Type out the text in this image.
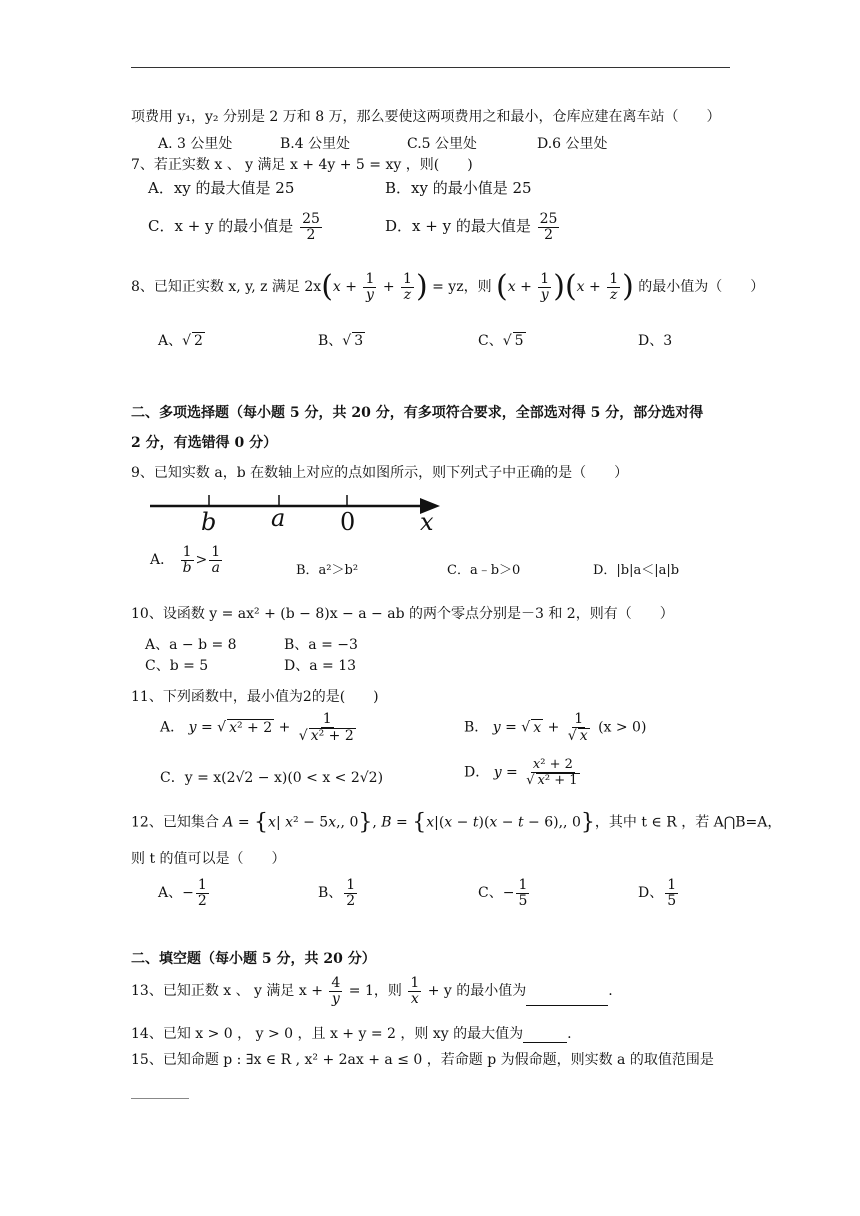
项费用 y₁，y₂ 分别是 2 万和 8 万，那么要使这两项费用之和最小，仓库应建在离车站（　　）
A. 3 公里处	B.4 公里处	C.5 公里处	D.6 公里处
7、若正实数 x 、 y 满足 x + 4y + 5 = xy ，则(　　)
A．xy 的最大值是 25	B．xy 的最小值是 25
C．x + y 的最小值是 $\frac{25}{2}$	D．x + y 的最大值是 $\frac{25}{2}$
8、已知正实数 x, y, z 满足 $2x(x + \frac{1}{y} + \frac{1}{z}$ ) = yz，则 $(x + \frac{1}{y} )(x + \frac{1}{z}$ ) 的最小值为（　　）
A、√ 2	B、√ 3	C、√ 5	D、3
二、多项选择题（每小题 5 分，共 20 分，有多项符合要求，全部选对得 5 分，部分选对得
2 分，有选错得 0 分）
9、已知实数 a，b 在数轴上对应的点如图所示，则下列式子中正确的是（　　）
b a 0	x
A． $\frac{1}{b} > \frac{1}{a}$	B．a²＞b²	C．a﹣b＞0	D．|b|a＜|a|b
10、设函数 y = ax² + (b − 8)x − a − ab 的两个零点分别是－3 和 2，则有（　　）
A、a − b = 8	B、a = −3
C、b = 5	D、a = 13
11、下列函数中，最小值为2的是(　　)
A． y = √ $x^2 + 2 + \frac{1}{\text{√ x² + 2}}$	B． y = √ $x + \frac{1}{√ x} (x > 0)$
C．y = x(2√2 − x)(0 < x < 2√2)	D． $y = \frac{\text{x² + 2}}{\text{√ x² + 1}}$
12、已知集合 A = {x| x² − 5x,, 0}, B = {x|(x − t)(x − t − 6),, 0}，其中 t ∈ R ，若 A⋂B=A，
则 t 的值可以是（　　）
A、− $\frac{1}{2}$	B、 $\frac{1}{2}$	C、− $\frac{1}{5}$	D、 $\frac{1}{5}$
二、填空题（每小题 5 分，共 20 分）
13、已知正数 x 、 y 满足 $x + \frac{4}{y} = 1$，则 $\frac{1}{x} + y$ 的最小值为	.
14、已知 x > 0 ， y > 0 ，且 x + y = 2 ，则 xy 的最大值为	.
15、已知命题 p : ∃x ∈ R , x² + 2ax + a ≤ 0 ，若命题 p 为假命题，则实数 a 的取值范围是
